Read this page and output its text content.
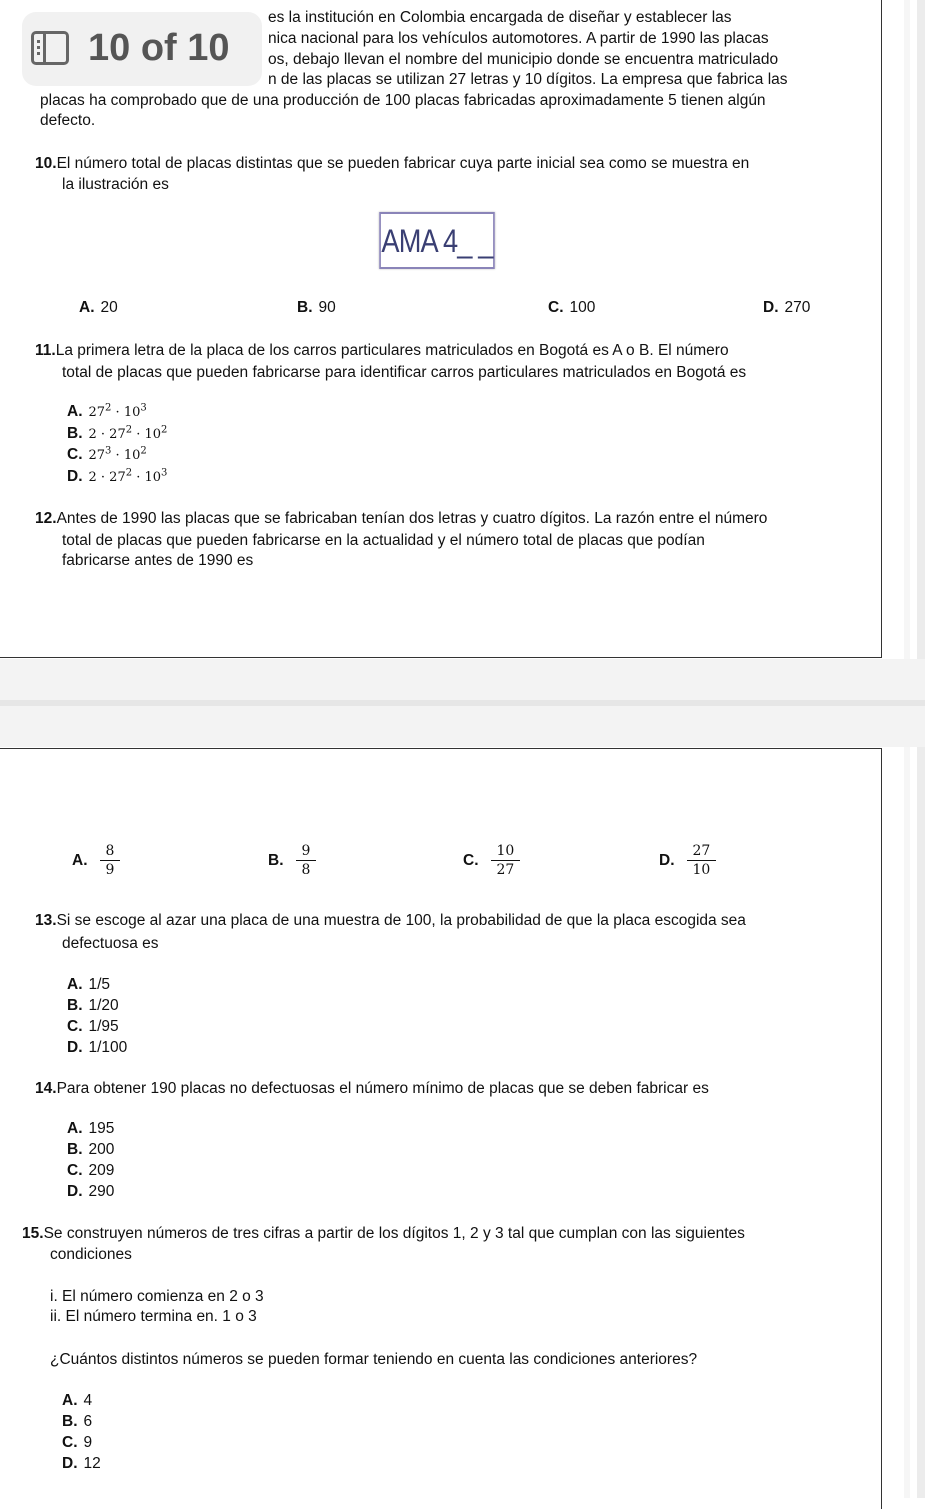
es la institución en Colombia encargada de diseñar y establecer las

nica nacional para los vehículos automotores. A partir de 1990 las placas

os, debajo llevan el nombre del municipio donde se encuentra matriculado

n de las placas se utilizan 27 letras y 10 dígitos. La empresa que fabrica las

placas ha comprobado que de una producción de 100 placas fabricadas aproximadamente 5 tienen algún

defecto.

10 of 10

10.El número total de placas distintas que se pueden fabricar cuya parte inicial sea como se muestra en

la ilustración es

AMA 4_ _

A. 20	B. 90	C. 100	D. 270

11.La primera letra de la placa de los carros particulares matriculados en Bogotá es A o B. El número

total de placas que pueden fabricarse para identificar carros particulares matriculados en Bogotá es

A. $27^2 \cdot 10^3$

B. $2 \cdot 27^2 \cdot 10^2$

C. $27^3 \cdot 10^2$

D. $2 \cdot 27^2 \cdot 10^3$

12.Antes de 1990 las placas que se fabricaban tenían dos letras y cuatro dígitos. La razón entre el número

total de placas que pueden fabricarse en la actualidad y el número total de placas que podían

fabricarse antes de 1990 es

A. $\frac{8}{9}$	B. $\frac{9}{8}$	C. $\frac{10}{27}$	D. $\frac{27}{10}$

13.Si se escoge al azar una placa de una muestra de 100, la probabilidad de que la placa escogida sea

defectuosa es

A. 1/5

B. 1/20

C. 1/95

D. 1/100

14.Para obtener 190 placas no defectuosas el número mínimo de placas que se deben fabricar es

A. 195

B. 200

C. 209

D. 290

15.Se construyen números de tres cifras a partir de los dígitos 1, 2 y 3 tal que cumplan con las siguientes

condiciones

i. El número comienza en 2 o 3

ii. El número termina en. 1 o 3

¿Cuántos distintos números se pueden formar teniendo en cuenta las condiciones anteriores?

A. 4

B. 6

C. 9

D. 12
